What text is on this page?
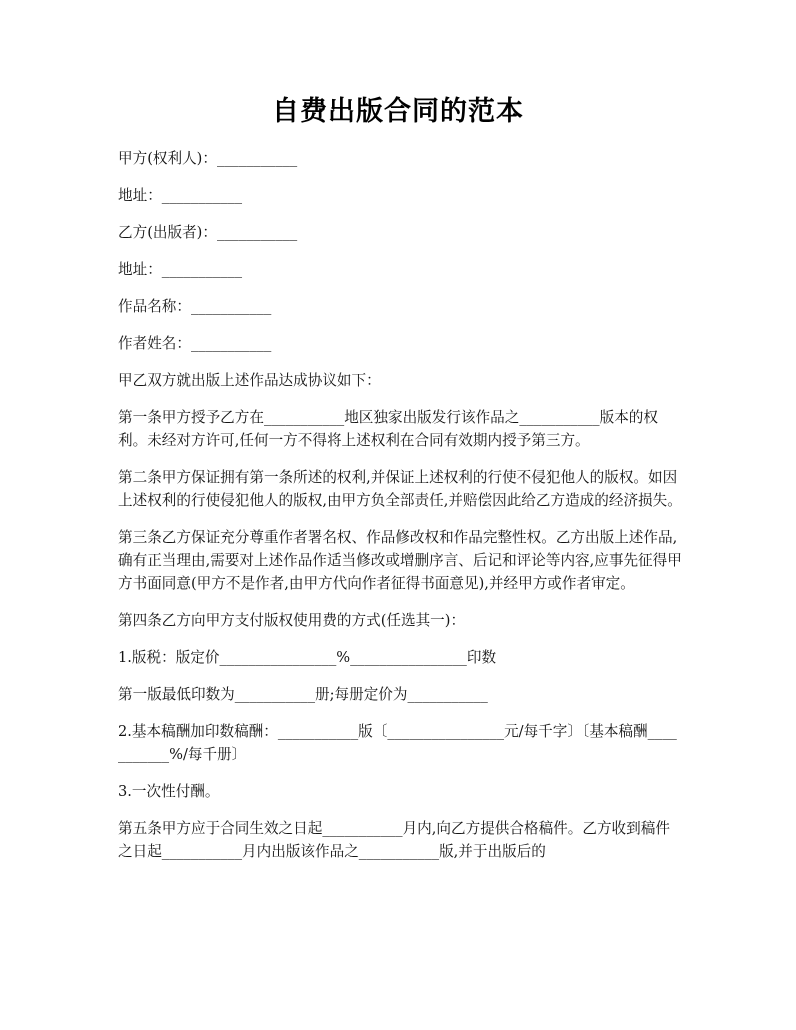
自费出版合同的范本

甲方(权利人)：___________

地址：___________

乙方(出版者)：___________

地址：___________

作品名称：___________

作者姓名：___________

甲乙双方就出版上述作品达成协议如下：

第一条甲方授予乙方在___________地区独家出版发行该作品之___________版本的权利。未经对方许可,任何一方不得将上述权利在合同有效期内授予第三方。

第二条甲方保证拥有第一条所述的权利,并保证上述权利的行使不侵犯他人的版权。如因上述权利的行使侵犯他人的版权,由甲方负全部责任,并赔偿因此给乙方造成的经济损失。

第三条乙方保证充分尊重作者署名权、作品修改权和作品完整性权。乙方出版上述作品,确有正当理由,需要对上述作品作适当修改或增删序言、后记和评论等内容,应事先征得甲方书面同意(甲方不是作者,由甲方代向作者征得书面意见),并经甲方或作者审定。

第四条乙方向甲方支付版权使用费的方式(任选其一)：

1.版税：版定价________________%________________印数

第一版最低印数为___________册;每册定价为___________

2.基本稿酬加印数稿酬：___________版〔________________元/每千字〕〔基本稿酬___________%/每千册〕

3.一次性付酬。

第五条甲方应于合同生效之日起___________月内,向乙方提供合格稿件。乙方收到稿件之日起___________月内出版该作品之___________版,并于出版后的
